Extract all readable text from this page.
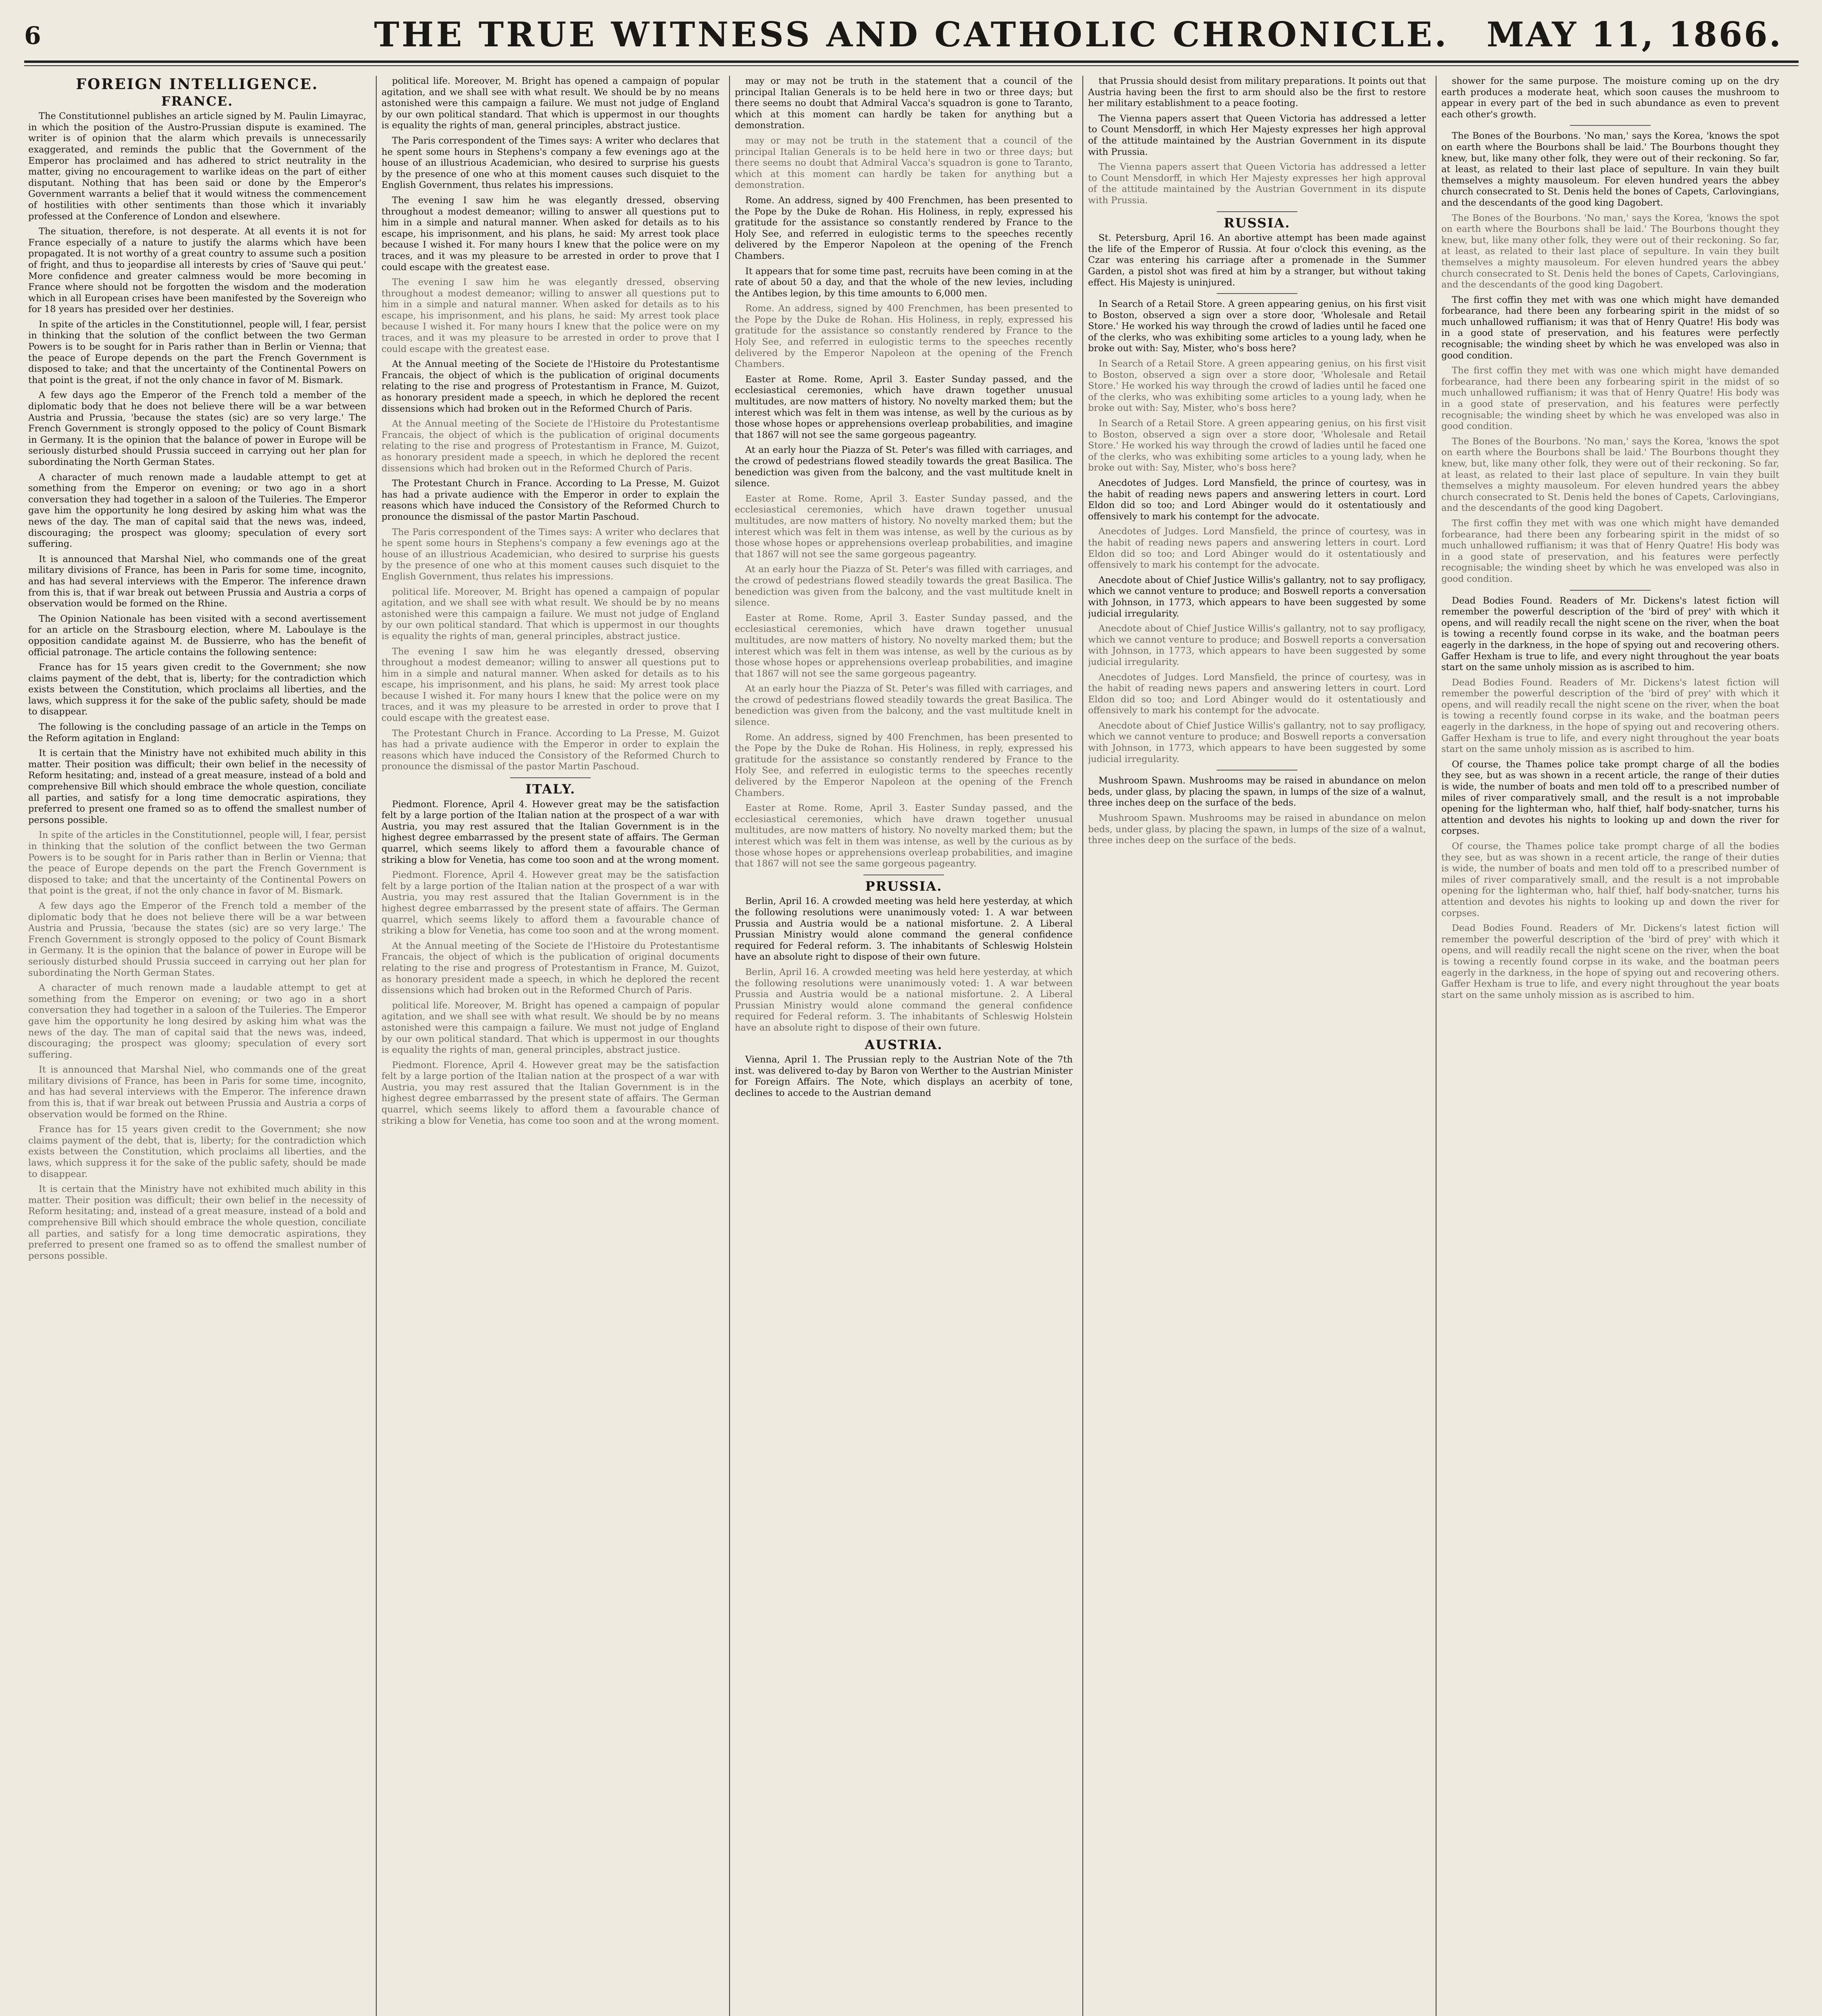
6	THE TRUE WITNESS AND CATHOLIC CHRONICLE.	MAY 11, 1866.

FOREIGN INTELLIGENCE.

FRANCE.

The Constitutionnel publishes an article signed by M. Paulin Limayrac, in which the position of the Austro-Prussian dispute is examined. The writer is of opinion that the alarm which prevails is unnecessarily exaggerated, and reminds the public that the Government of the Emperor has proclaimed and has adhered to strict neutrality in the matter, giving no encouragement to warlike ideas on the part of either disputant. Nothing that has been said or done by the Emperor's Government warrants a belief that it would witness the commencement of hostilities with other sentiments than those which it invariably professed at the Conference of London and elsewhere.

The situation, therefore, is not desperate. At all events it is not for France especially of a nature to justify the alarms which have been propagated. It is not worthy of a great country to assume such a position of fright, and thus to jeopardise all interests by cries of 'Sauve qui peut.' More confidence and greater calmness would be more becoming in France where should not be forgotten the wisdom and the moderation which in all European crises have been manifested by the Sovereign who for 18 years has presided over her destinies.

In spite of the articles in the Constitutionnel, people will, I fear, persist in thinking that the solution of the conflict between the two German Powers is to be sought for in Paris rather than in Berlin or Vienna; that the peace of Europe depends on the part the French Government is disposed to take; and that the uncertainty of the Continental Powers on that point is the great, if not the only chance in favor of M. Bismark.

A few days ago the Emperor of the French told a member of the diplomatic body that he does not believe there will be a war between Austria and Prussia, 'because the states (sic) are so very large.' The French Government is strongly opposed to the policy of Count Bismark in Germany. It is the opinion that the balance of power in Europe will be seriously disturbed should Prussia succeed in carrying out her plan for subordinating the North German States.

A character of much renown made a laudable attempt to get at something from the Emperor on evening; or two ago in a short conversation they had together in a saloon of the Tuileries. The Emperor gave him the opportunity he long desired by asking him what was the news of the day. The man of capital said that the news was, indeed, discouraging; the prospect was gloomy; speculation of every sort suffering.

It is announced that Marshal Niel, who commands one of the great military divisions of France, has been in Paris for some time, incognito, and has had several interviews with the Emperor. The inference drawn from this is, that if war break out between Prussia and Austria a corps of observation would be formed on the Rhine.

The Opinion Nationale has been visited with a second avertissement for an article on the Strasbourg election, where M. Laboulaye is the opposition candidate against M. de Bussierre, who has the benefit of official patronage. The article contains the following sentence:

France has for 15 years given credit to the Government; she now claims payment of the debt, that is, liberty; for the contradiction which exists between the Constitution, which proclaims all liberties, and the laws, which suppress it for the sake of the public safety, should be made to disappear.

The following is the concluding passage of an article in the Temps on the Reform agitation in England:

It is certain that the Ministry have not exhibited much ability in this matter. Their position was difficult; their own belief in the necessity of Reform hesitating; and, instead of a great measure, instead of a bold and comprehensive Bill which should embrace the whole question, conciliate all parties, and satisfy for a long time democratic aspirations, they preferred to present one framed so as to offend the smallest number of persons possible.

In spite of the articles in the Constitutionnel, people will, I fear, persist in thinking that the solution of the conflict between the two German Powers is to be sought for in Paris rather than in Berlin or Vienna; that the peace of Europe depends on the part the French Government is disposed to take; and that the uncertainty of the Continental Powers on that point is the great, if not the only chance in favor of M. Bismark.

A few days ago the Emperor of the French told a member of the diplomatic body that he does not believe there will be a war between Austria and Prussia, 'because the states (sic) are so very large.' The French Government is strongly opposed to the policy of Count Bismark in Germany. It is the opinion that the balance of power in Europe will be seriously disturbed should Prussia succeed in carrying out her plan for subordinating the North German States.

A character of much renown made a laudable attempt to get at something from the Emperor on evening; or two ago in a short conversation they had together in a saloon of the Tuileries. The Emperor gave him the opportunity he long desired by asking him what was the news of the day. The man of capital said that the news was, indeed, discouraging; the prospect was gloomy; speculation of every sort suffering.

It is announced that Marshal Niel, who commands one of the great military divisions of France, has been in Paris for some time, incognito, and has had several interviews with the Emperor. The inference drawn from this is, that if war break out between Prussia and Austria a corps of observation would be formed on the Rhine.

France has for 15 years given credit to the Government; she now claims payment of the debt, that is, liberty; for the contradiction which exists between the Constitution, which proclaims all liberties, and the laws, which suppress it for the sake of the public safety, should be made to disappear.

It is certain that the Ministry have not exhibited much ability in this matter. Their position was difficult; their own belief in the necessity of Reform hesitating; and, instead of a great measure, instead of a bold and comprehensive Bill which should embrace the whole question, conciliate all parties, and satisfy for a long time democratic aspirations, they preferred to present one framed so as to offend the smallest number of persons possible.

political life. Moreover, M. Bright has opened a campaign of popular agitation, and we shall see with what result. We should be by no means astonished were this campaign a failure. We must not judge of England by our own political standard. That which is uppermost in our thoughts is equality the rights of man, general principles, abstract justice.

The Paris correspondent of the Times says: A writer who declares that he spent some hours in Stephens's company a few evenings ago at the house of an illustrious Academician, who desired to surprise his guests by the presence of one who at this moment causes such disquiet to the English Government, thus relates his impressions.

The evening I saw him he was elegantly dressed, observing throughout a modest demeanor; willing to answer all questions put to him in a simple and natural manner. When asked for details as to his escape, his imprisonment, and his plans, he said: My arrest took place because I wished it. For many hours I knew that the police were on my traces, and it was my pleasure to be arrested in order to prove that I could escape with the greatest ease.

The evening I saw him he was elegantly dressed, observing throughout a modest demeanor; willing to answer all questions put to him in a simple and natural manner. When asked for details as to his escape, his imprisonment, and his plans, he said: My arrest took place because I wished it. For many hours I knew that the police were on my traces, and it was my pleasure to be arrested in order to prove that I could escape with the greatest ease.

At the Annual meeting of the Societe de l'Histoire du Protestantisme Francais, the object of which is the publication of original documents relating to the rise and progress of Protestantism in France, M. Guizot, as honorary president made a speech, in which he deplored the recent dissensions which had broken out in the Reformed Church of Paris.

At the Annual meeting of the Societe de l'Histoire du Protestantisme Francais, the object of which is the publication of original documents relating to the rise and progress of Protestantism in France, M. Guizot, as honorary president made a speech, in which he deplored the recent dissensions which had broken out in the Reformed Church of Paris.

The Protestant Church in France. According to La Presse, M. Guizot has had a private audience with the Emperor in order to explain the reasons which have induced the Consistory of the Reformed Church to pronounce the dismissal of the pastor Martin Paschoud.

The Paris correspondent of the Times says: A writer who declares that he spent some hours in Stephens's company a few evenings ago at the house of an illustrious Academician, who desired to surprise his guests by the presence of one who at this moment causes such disquiet to the English Government, thus relates his impressions.

political life. Moreover, M. Bright has opened a campaign of popular agitation, and we shall see with what result. We should be by no means astonished were this campaign a failure. We must not judge of England by our own political standard. That which is uppermost in our thoughts is equality the rights of man, general principles, abstract justice.

The evening I saw him he was elegantly dressed, observing throughout a modest demeanor; willing to answer all questions put to him in a simple and natural manner. When asked for details as to his escape, his imprisonment, and his plans, he said: My arrest took place because I wished it. For many hours I knew that the police were on my traces, and it was my pleasure to be arrested in order to prove that I could escape with the greatest ease.

The Protestant Church in France. According to La Presse, M. Guizot has had a private audience with the Emperor in order to explain the reasons which have induced the Consistory of the Reformed Church to pronounce the dismissal of the pastor Martin Paschoud.

ITALY.

Piedmont. Florence, April 4. However great may be the satisfaction felt by a large portion of the Italian nation at the prospect of a war with Austria, you may rest assured that the Italian Government is in the highest degree embarrassed by the present state of affairs. The German quarrel, which seems likely to afford them a favourable chance of striking a blow for Venetia, has come too soon and at the wrong moment.

Piedmont. Florence, April 4. However great may be the satisfaction felt by a large portion of the Italian nation at the prospect of a war with Austria, you may rest assured that the Italian Government is in the highest degree embarrassed by the present state of affairs. The German quarrel, which seems likely to afford them a favourable chance of striking a blow for Venetia, has come too soon and at the wrong moment.

At the Annual meeting of the Societe de l'Histoire du Protestantisme Francais, the object of which is the publication of original documents relating to the rise and progress of Protestantism in France, M. Guizot, as honorary president made a speech, in which he deplored the recent dissensions which had broken out in the Reformed Church of Paris.

political life. Moreover, M. Bright has opened a campaign of popular agitation, and we shall see with what result. We should be by no means astonished were this campaign a failure. We must not judge of England by our own political standard. That which is uppermost in our thoughts is equality the rights of man, general principles, abstract justice.

Piedmont. Florence, April 4. However great may be the satisfaction felt by a large portion of the Italian nation at the prospect of a war with Austria, you may rest assured that the Italian Government is in the highest degree embarrassed by the present state of affairs. The German quarrel, which seems likely to afford them a favourable chance of striking a blow for Venetia, has come too soon and at the wrong moment.

may or may not be truth in the statement that a council of the principal Italian Generals is to be held here in two or three days; but there seems no doubt that Admiral Vacca's squadron is gone to Taranto, which at this moment can hardly be taken for anything but a demonstration.

may or may not be truth in the statement that a council of the principal Italian Generals is to be held here in two or three days; but there seems no doubt that Admiral Vacca's squadron is gone to Taranto, which at this moment can hardly be taken for anything but a demonstration.

Rome. An address, signed by 400 Frenchmen, has been presented to the Pope by the Duke de Rohan. His Holiness, in reply, expressed his gratitude for the assistance so constantly rendered by France to the Holy See, and referred in eulogistic terms to the speeches recently delivered by the Emperor Napoleon at the opening of the French Chambers.

It appears that for some time past, recruits have been coming in at the rate of about 50 a day, and that the whole of the new levies, including the Antibes legion, by this time amounts to 6,000 men.

Rome. An address, signed by 400 Frenchmen, has been presented to the Pope by the Duke de Rohan. His Holiness, in reply, expressed his gratitude for the assistance so constantly rendered by France to the Holy See, and referred in eulogistic terms to the speeches recently delivered by the Emperor Napoleon at the opening of the French Chambers.

Easter at Rome. Rome, April 3. Easter Sunday passed, and the ecclesiastical ceremonies, which have drawn together unusual multitudes, are now matters of history. No novelty marked them; but the interest which was felt in them was intense, as well by the curious as by those whose hopes or apprehensions overleap probabilities, and imagine that 1867 will not see the same gorgeous pageantry.

At an early hour the Piazza of St. Peter's was filled with carriages, and the crowd of pedestrians flowed steadily towards the great Basilica. The benediction was given from the balcony, and the vast multitude knelt in silence.

Easter at Rome. Rome, April 3. Easter Sunday passed, and the ecclesiastical ceremonies, which have drawn together unusual multitudes, are now matters of history. No novelty marked them; but the interest which was felt in them was intense, as well by the curious as by those whose hopes or apprehensions overleap probabilities, and imagine that 1867 will not see the same gorgeous pageantry.

At an early hour the Piazza of St. Peter's was filled with carriages, and the crowd of pedestrians flowed steadily towards the great Basilica. The benediction was given from the balcony, and the vast multitude knelt in silence.

Easter at Rome. Rome, April 3. Easter Sunday passed, and the ecclesiastical ceremonies, which have drawn together unusual multitudes, are now matters of history. No novelty marked them; but the interest which was felt in them was intense, as well by the curious as by those whose hopes or apprehensions overleap probabilities, and imagine that 1867 will not see the same gorgeous pageantry.

At an early hour the Piazza of St. Peter's was filled with carriages, and the crowd of pedestrians flowed steadily towards the great Basilica. The benediction was given from the balcony, and the vast multitude knelt in silence.

Rome. An address, signed by 400 Frenchmen, has been presented to the Pope by the Duke de Rohan. His Holiness, in reply, expressed his gratitude for the assistance so constantly rendered by France to the Holy See, and referred in eulogistic terms to the speeches recently delivered by the Emperor Napoleon at the opening of the French Chambers.

Easter at Rome. Rome, April 3. Easter Sunday passed, and the ecclesiastical ceremonies, which have drawn together unusual multitudes, are now matters of history. No novelty marked them; but the interest which was felt in them was intense, as well by the curious as by those whose hopes or apprehensions overleap probabilities, and imagine that 1867 will not see the same gorgeous pageantry.

PRUSSIA.

Berlin, April 16. A crowded meeting was held here yesterday, at which the following resolutions were unanimously voted: 1. A war between Prussia and Austria would be a national misfortune. 2. A Liberal Prussian Ministry would alone command the general confidence required for Federal reform. 3. The inhabitants of Schleswig Holstein have an absolute right to dispose of their own future.

Berlin, April 16. A crowded meeting was held here yesterday, at which the following resolutions were unanimously voted: 1. A war between Prussia and Austria would be a national misfortune. 2. A Liberal Prussian Ministry would alone command the general confidence required for Federal reform. 3. The inhabitants of Schleswig Holstein have an absolute right to dispose of their own future.

AUSTRIA.

Vienna, April 1. The Prussian reply to the Austrian Note of the 7th inst. was delivered to-day by Baron von Werther to the Austrian Minister for Foreign Affairs. The Note, which displays an acerbity of tone, declines to accede to the Austrian demand

that Prussia should desist from military preparations. It points out that Austria having been the first to arm should also be the first to restore her military establishment to a peace footing.

The Vienna papers assert that Queen Victoria has addressed a letter to Count Mensdorff, in which Her Majesty expresses her high approval of the attitude maintained by the Austrian Government in its dispute with Prussia.

The Vienna papers assert that Queen Victoria has addressed a letter to Count Mensdorff, in which Her Majesty expresses her high approval of the attitude maintained by the Austrian Government in its dispute with Prussia.

RUSSIA.

St. Petersburg, April 16. An abortive attempt has been made against the life of the Emperor of Russia. At four o'clock this evening, as the Czar was entering his carriage after a promenade in the Summer Garden, a pistol shot was fired at him by a stranger, but without taking effect. His Majesty is uninjured.

In Search of a Retail Store. A green appearing genius, on his first visit to Boston, observed a sign over a store door, 'Wholesale and Retail Store.' He worked his way through the crowd of ladies until he faced one of the clerks, who was exhibiting some articles to a young lady, when he broke out with: Say, Mister, who's boss here?

In Search of a Retail Store. A green appearing genius, on his first visit to Boston, observed a sign over a store door, 'Wholesale and Retail Store.' He worked his way through the crowd of ladies until he faced one of the clerks, who was exhibiting some articles to a young lady, when he broke out with: Say, Mister, who's boss here?

In Search of a Retail Store. A green appearing genius, on his first visit to Boston, observed a sign over a store door, 'Wholesale and Retail Store.' He worked his way through the crowd of ladies until he faced one of the clerks, who was exhibiting some articles to a young lady, when he broke out with: Say, Mister, who's boss here?

Anecdotes of Judges. Lord Mansfield, the prince of courtesy, was in the habit of reading news papers and answering letters in court. Lord Eldon did so too; and Lord Abinger would do it ostentatiously and offensively to mark his contempt for the advocate.

Anecdotes of Judges. Lord Mansfield, the prince of courtesy, was in the habit of reading news papers and answering letters in court. Lord Eldon did so too; and Lord Abinger would do it ostentatiously and offensively to mark his contempt for the advocate.

Anecdote about of Chief Justice Willis's gallantry, not to say profligacy, which we cannot venture to produce; and Boswell reports a conversation with Johnson, in 1773, which appears to have been suggested by some judicial irregularity.

Anecdote about of Chief Justice Willis's gallantry, not to say profligacy, which we cannot venture to produce; and Boswell reports a conversation with Johnson, in 1773, which appears to have been suggested by some judicial irregularity.

Anecdotes of Judges. Lord Mansfield, the prince of courtesy, was in the habit of reading news papers and answering letters in court. Lord Eldon did so too; and Lord Abinger would do it ostentatiously and offensively to mark his contempt for the advocate.

Anecdote about of Chief Justice Willis's gallantry, not to say profligacy, which we cannot venture to produce; and Boswell reports a conversation with Johnson, in 1773, which appears to have been suggested by some judicial irregularity.

Mushroom Spawn. Mushrooms may be raised in abundance on melon beds, under glass, by placing the spawn, in lumps of the size of a walnut, three inches deep on the surface of the beds.

Mushroom Spawn. Mushrooms may be raised in abundance on melon beds, under glass, by placing the spawn, in lumps of the size of a walnut, three inches deep on the surface of the beds.

shower for the same purpose. The moisture coming up on the dry earth produces a moderate heat, which soon causes the mushroom to appear in every part of the bed in such abundance as even to prevent each other's growth.

The Bones of the Bourbons. 'No man,' says the Korea, 'knows the spot on earth where the Bourbons shall be laid.' The Bourbons thought they knew, but, like many other folk, they were out of their reckoning. So far, at least, as related to their last place of sepulture. In vain they built themselves a mighty mausoleum. For eleven hundred years the abbey church consecrated to St. Denis held the bones of Capets, Carlovingians, and the descendants of the good king Dagobert.

The Bones of the Bourbons. 'No man,' says the Korea, 'knows the spot on earth where the Bourbons shall be laid.' The Bourbons thought they knew, but, like many other folk, they were out of their reckoning. So far, at least, as related to their last place of sepulture. In vain they built themselves a mighty mausoleum. For eleven hundred years the abbey church consecrated to St. Denis held the bones of Capets, Carlovingians, and the descendants of the good king Dagobert.

The first coffin they met with was one which might have demanded forbearance, had there been any forbearing spirit in the midst of so much unhallowed ruffianism; it was that of Henry Quatre! His body was in a good state of preservation, and his features were perfectly recognisable; the winding sheet by which he was enveloped was also in good condition.

The first coffin they met with was one which might have demanded forbearance, had there been any forbearing spirit in the midst of so much unhallowed ruffianism; it was that of Henry Quatre! His body was in a good state of preservation, and his features were perfectly recognisable; the winding sheet by which he was enveloped was also in good condition.

The Bones of the Bourbons. 'No man,' says the Korea, 'knows the spot on earth where the Bourbons shall be laid.' The Bourbons thought they knew, but, like many other folk, they were out of their reckoning. So far, at least, as related to their last place of sepulture. In vain they built themselves a mighty mausoleum. For eleven hundred years the abbey church consecrated to St. Denis held the bones of Capets, Carlovingians, and the descendants of the good king Dagobert.

The first coffin they met with was one which might have demanded forbearance, had there been any forbearing spirit in the midst of so much unhallowed ruffianism; it was that of Henry Quatre! His body was in a good state of preservation, and his features were perfectly recognisable; the winding sheet by which he was enveloped was also in good condition.

Dead Bodies Found. Readers of Mr. Dickens's latest fiction will remember the powerful description of the 'bird of prey' with which it opens, and will readily recall the night scene on the river, when the boat is towing a recently found corpse in its wake, and the boatman peers eagerly in the darkness, in the hope of spying out and recovering others. Gaffer Hexham is true to life, and every night throughout the year boats start on the same unholy mission as is ascribed to him.

Dead Bodies Found. Readers of Mr. Dickens's latest fiction will remember the powerful description of the 'bird of prey' with which it opens, and will readily recall the night scene on the river, when the boat is towing a recently found corpse in its wake, and the boatman peers eagerly in the darkness, in the hope of spying out and recovering others. Gaffer Hexham is true to life, and every night throughout the year boats start on the same unholy mission as is ascribed to him.

Of course, the Thames police take prompt charge of all the bodies they see, but as was shown in a recent article, the range of their duties is wide, the number of boats and men told off to a prescribed number of miles of river comparatively small, and the result is a not improbable opening for the lighterman who, half thief, half body-snatcher, turns his attention and devotes his nights to looking up and down the river for corpses.

Of course, the Thames police take prompt charge of all the bodies they see, but as was shown in a recent article, the range of their duties is wide, the number of boats and men told off to a prescribed number of miles of river comparatively small, and the result is a not improbable opening for the lighterman who, half thief, half body-snatcher, turns his attention and devotes his nights to looking up and down the river for corpses.

Dead Bodies Found. Readers of Mr. Dickens's latest fiction will remember the powerful description of the 'bird of prey' with which it opens, and will readily recall the night scene on the river, when the boat is towing a recently found corpse in its wake, and the boatman peers eagerly in the darkness, in the hope of spying out and recovering others. Gaffer Hexham is true to life, and every night throughout the year boats start on the same unholy mission as is ascribed to him.
